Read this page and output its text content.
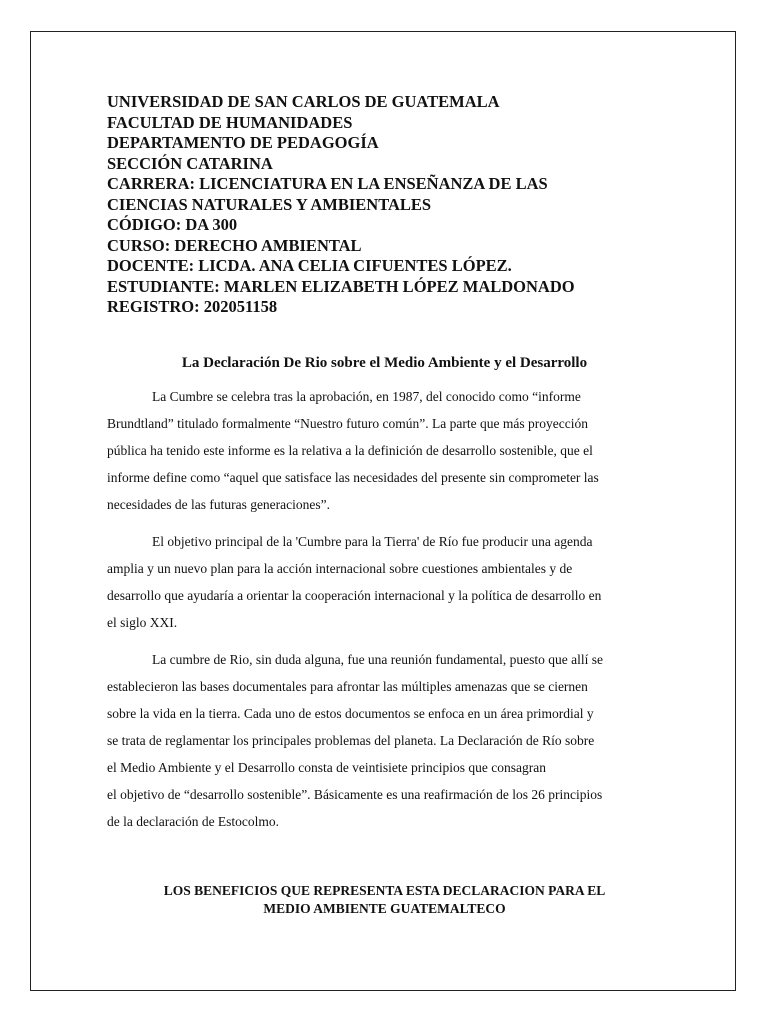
UNIVERSIDAD DE SAN CARLOS DE GUATEMALA
FACULTAD DE HUMANIDADES
DEPARTAMENTO DE PEDAGOGÍA
SECCIÓN CATARINA
CARRERA: LICENCIATURA EN LA ENSEÑANZA DE LAS
CIENCIAS NATURALES Y AMBIENTALES
CÓDIGO: DA 300
CURSO: DERECHO AMBIENTAL
DOCENTE: LICDA. ANA CELIA CIFUENTES LÓPEZ.
ESTUDIANTE: MARLEN ELIZABETH LÓPEZ MALDONADO
REGISTRO: 202051158
La Declaración De Rio sobre el Medio Ambiente y el Desarrollo

La Cumbre se celebra tras la aprobación, en 1987, del conocido como “informe
Brundtland” titulado formalmente “Nuestro futuro común”. La parte que más proyección
pública ha tenido este informe es la relativa a la definición de desarrollo sostenible, que el
informe define como “aquel que satisface las necesidades del presente sin comprometer las
necesidades de las futuras generaciones”.

El objetivo principal de la 'Cumbre para la Tierra' de Río fue producir una agenda
amplia y un nuevo plan para la acción internacional sobre cuestiones ambientales y de
desarrollo que ayudaría a orientar la cooperación internacional y la política de desarrollo en
el siglo XXI.

La cumbre de Rio, sin duda alguna, fue una reunión fundamental, puesto que allí se
establecieron las bases documentales para afrontar las múltiples amenazas que se ciernen
sobre la vida en la tierra. Cada uno de estos documentos se enfoca en un área primordial y
se trata de reglamentar los principales problemas del planeta. La Declaración de Río sobre
el Medio Ambiente y el Desarrollo consta de veintisiete principios que consagran
el objetivo de “desarrollo sostenible”. Básicamente es una reafirmación de los 26 principios
de la declaración de Estocolmo.

LOS BENEFICIOS QUE REPRESENTA ESTA DECLARACION PARA EL
MEDIO AMBIENTE GUATEMALTECO
